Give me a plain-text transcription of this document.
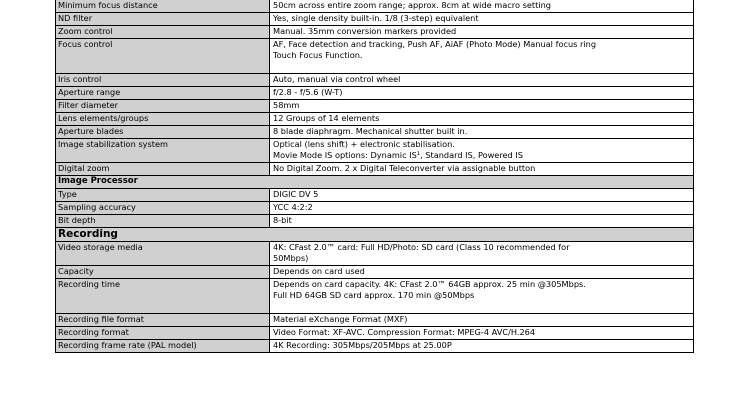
Minimum focus distance	50cm across entire zoom range; approx. 8cm at wide macro setting

ND filter	Yes, single density built-in. 1/8 (3-step) equivalent

Zoom control	Manual. 35mm conversion markers provided

Focus control	AF, Face detection and tracking, Push AF, AiAF (Photo Mode) Manual focus ring
Touch Focus Function.

Iris control	Auto, manual via control wheel

Aperture range	f/2.8 - f/5.6 (W-T)

Filter diameter	58mm

Lens elements/groups	12 Groups of 14 elements

Aperture blades	8 blade diaphragm. Mechanical shutter built in.

Image stabilization system	Optical (lens shift) + electronic stabilisation.
Movie Mode IS options: Dynamic IS¹, Standard IS, Powered IS

Digital zoom	No Digital Zoom. 2 x Digital Teleconverter via assignable button

Image Processor	
Type	DIGIC DV 5

Sampling accuracy	YCC 4:2:2

Bit depth	8-bit

Recording	
Video storage media	4K: CFast 2.0™ card: Full HD/Photo: SD card (Class 10 recommended for
50Mbps)

Capacity	Depends on card used

Recording time	Depends on card capacity. 4K: CFast 2.0™ 64GB approx. 25 min @305Mbps.
Full HD 64GB SD card approx. 170 min @50Mbps

Recording file format	Material eXchange Format (MXF)

Recording format	Video Format: XF-AVC. Compression Format: MPEG-4 AVC/H.264

Recording frame rate (PAL model)	4K Recording: 305Mbps/205Mbps at 25.00P
